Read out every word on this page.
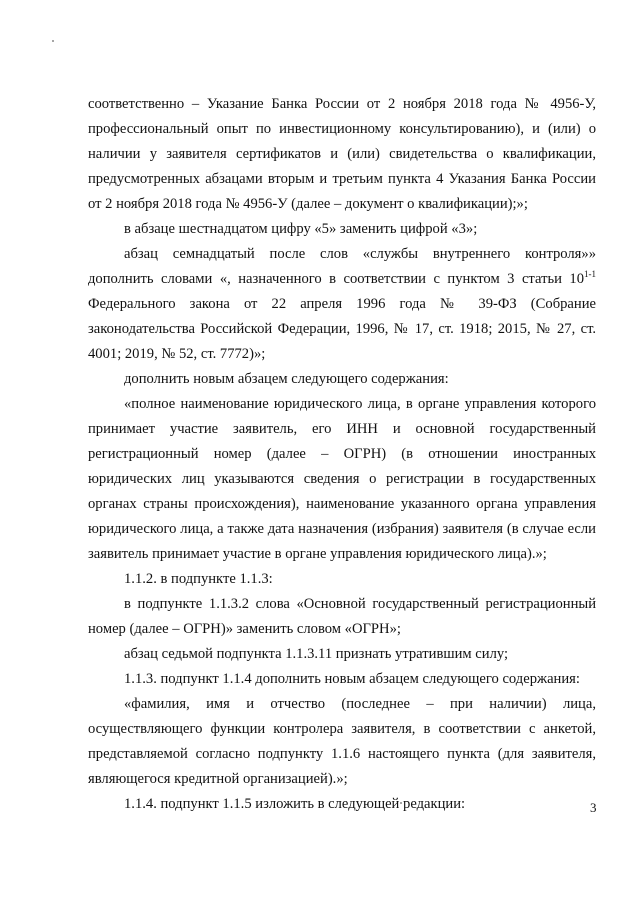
соответственно – Указание Банка России от 2 ноября 2018 года № 4956-У, профессиональный опыт по инвестиционному консультированию), и (или) о наличии у заявителя сертификатов и (или) свидетельства о квалификации, предусмотренных абзацами вторым и третьим пункта 4 Указания Банка России от 2 ноября 2018 года № 4956-У (далее – документ о квалификации);»;

в абзаце шестнадцатом цифру «5» заменить цифрой «3»;

абзац семнадцатый после слов «службы внутреннего контроля»» дополнить словами «, назначенного в соответствии с пунктом 3 статьи 10$^{1-1}$ Федерального закона от 22 апреля 1996 года № 39-ФЗ (Собрание законодательства Российской Федерации, 1996, № 17, ст. 1918; 2015, № 27, ст. 4001; 2019, № 52, ст. 7772)»;

дополнить новым абзацем следующего содержания:

«полное наименование юридического лица, в органе управления которого принимает участие заявитель, его ИНН и основной государственный регистрационный номер (далее – ОГРН) (в отношении иностранных юридических лиц указываются сведения о регистрации в государственных органах страны происхождения), наименование указанного органа управления юридического лица, а также дата назначения (избрания) заявителя (в случае если заявитель принимает участие в органе управления юридического лица).»;

1.1.2. в подпункте 1.1.3:

в подпункте 1.1.3.2 слова «Основной государственный регистрационный номер (далее – ОГРН)» заменить словом «ОГРН»;

абзац седьмой подпункта 1.1.3.11 признать утратившим силу;

1.1.3. подпункт 1.1.4 дополнить новым абзацем следующего содержания:

«фамилия, имя и отчество (последнее – при наличии) лица, осуществляющего функции контролера заявителя, в соответствии с анкетой, представляемой согласно подпункту 1.1.6 настоящего пункта (для заявителя, являющегося кредитной организацией).»;

1.1.4. подпункт 1.1.5 изложить в следующей редакции:	3
